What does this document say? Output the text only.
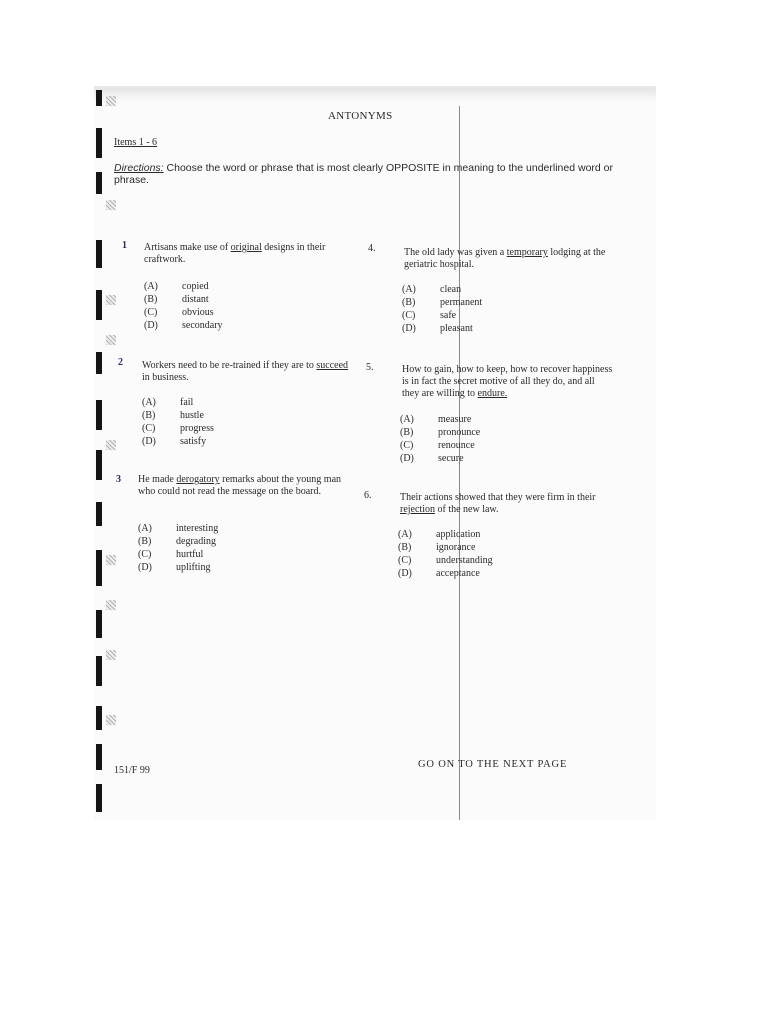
ANTONYMS
Items 1 - 6
Directions: Choose the word or phrase that is most clearly OPPOSITE in meaning to the underlined word or phrase.
1 Artisans make use of original designs in their craftwork.
(A) copied
(B) distant
(C) obvious
(D) secondary
2 Workers need to be re-trained if they are to succeed in business.
(A) fail
(B) hustle
(C) progress
(D) satisfy
3 He made derogatory remarks about the young man who could not read the message on the board.
(A) interesting
(B) degrading
(C) hurtful
(D) uplifting
4.	The old lady was given a temporary lodging at the geriatric hospital.
(A) clean
(B) permanent
(C) safe
(D) pleasant
5.	How to gain, how to keep, how to recover happiness is in fact the secret motive of all they do, and all they are willing to endure.
(A) measure
(B) pronounce
(C) renounce
(D) secure
6.	Their actions showed that they were firm in their rejection of the new law.
(A) application
(B) ignorance
(C) understanding
(D) acceptance
151/F 99
GO ON TO THE NEXT PAGE
